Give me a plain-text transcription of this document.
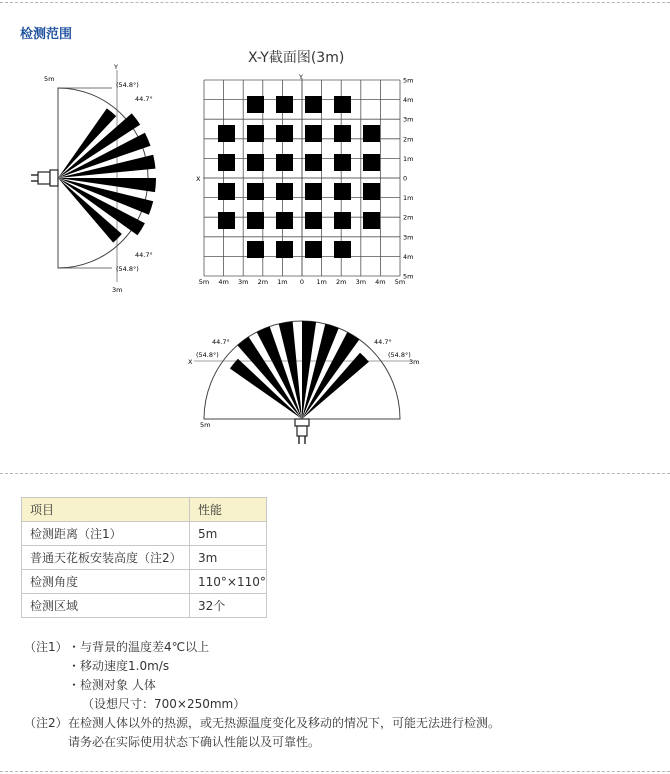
检测范围
Y
5m
3m
44.7°
(54.8°)
44.7°
(54.8°)
X-Y截面图(3m)
Y
X
5m 4m 3m 2m 1m 0 1m 2m 3m 4m 5m
5m
4m
3m
2m
1m
0
1m
2m
3m
4m
5m
X
44.7°
(54.8°)
44.7°
(54.8°)
3m
5m
项目	性能
检测距离（注1）	5m
普通天花板安装高度（注2）	3m
检测角度	110°×110°
检测区域	32个
（注1） ・与背景的温度差4℃以上
・移动速度1.0m/s
・检测对象 人体
（设想尺寸：700×250mm）
（注2） 在检测人体以外的热源，或无热源温度变化及移动的情况下，可能无法进行检测。
请务必在实际使用状态下确认性能以及可靠性。
